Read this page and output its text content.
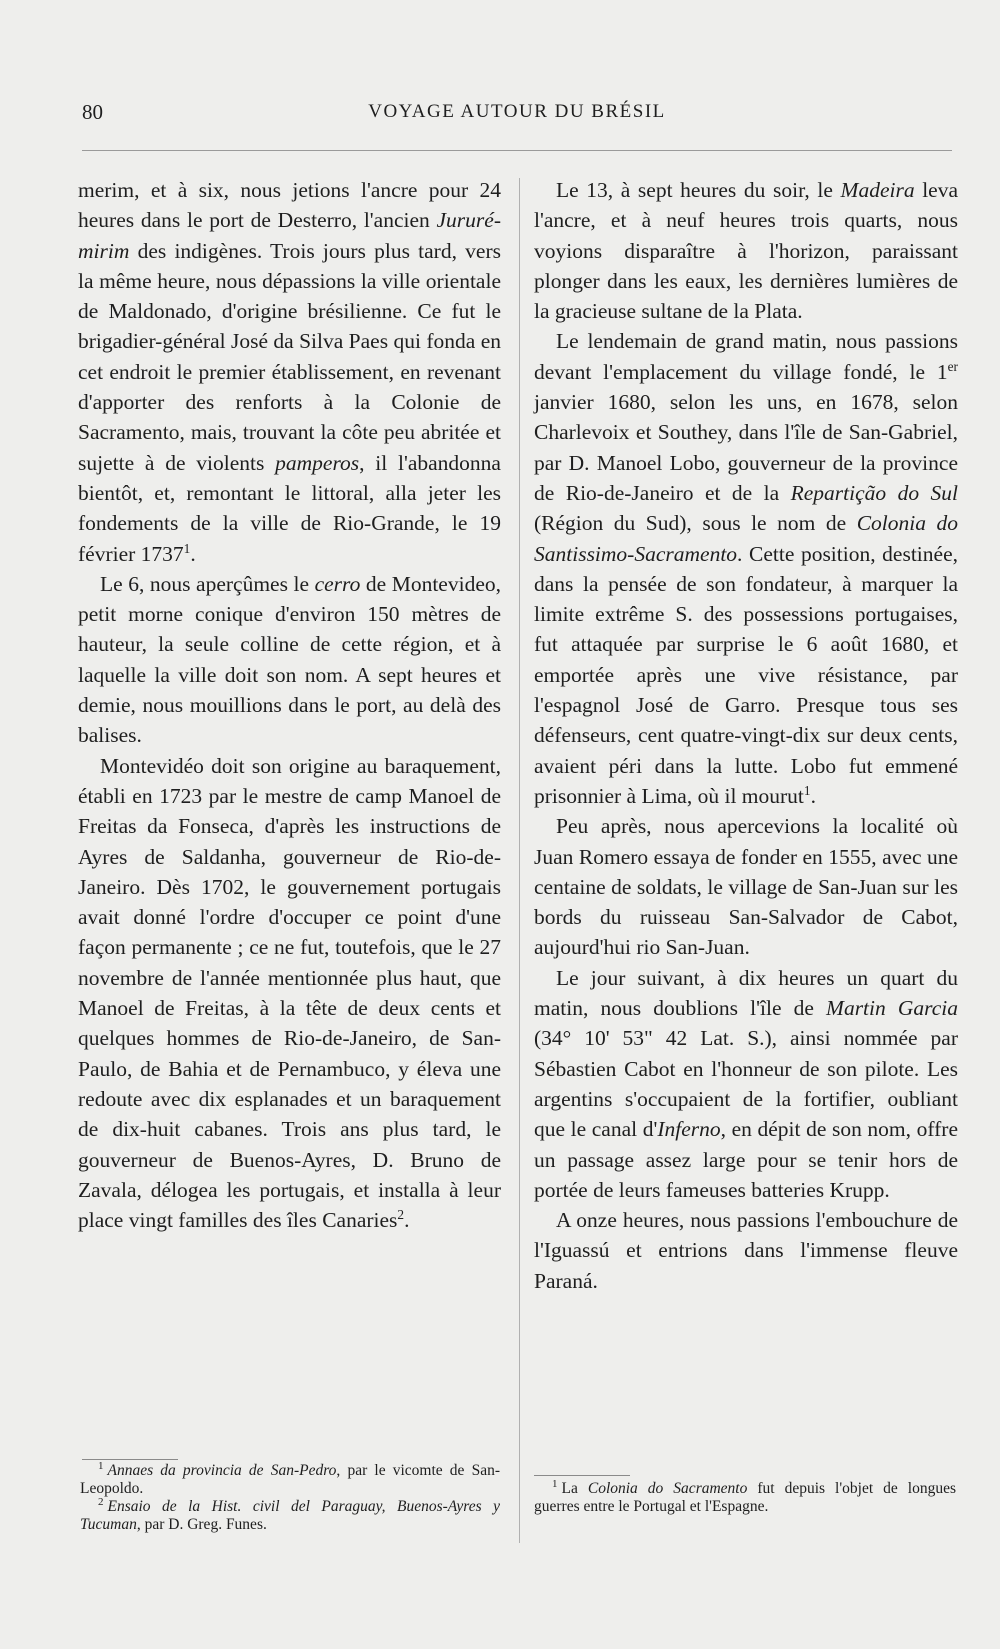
80	VOYAGE AUTOUR DU BRÉSIL

merim, et à six, nous jetions l'ancre pour 24 heures dans le port de Desterro, l'ancien Jururé-mirim des indigènes. Trois jours plus tard, vers la même heure, nous dépassions la ville orientale de Maldonado, d'origine brésilienne. Ce fut le brigadier-général José da Silva Paes qui fonda en cet endroit le premier établissement, en revenant d'apporter des renforts à la Colonie de Sacramento, mais, trouvant la côte peu abritée et sujette à de violents pamperos, il l'abandonna bientôt, et, remontant le littoral, alla jeter les fondements de la ville de Rio-Grande, le 19 février 1737$^1$.

Le 6, nous aperçûmes le cerro de Montevideo, petit morne conique d'environ 150 mètres de hauteur, la seule colline de cette région, et à laquelle la ville doit son nom. A sept heures et demie, nous mouillions dans le port, au delà des balises.

Montevidéo doit son origine au baraquement, établi en 1723 par le mestre de camp Manoel de Freitas da Fonseca, d'après les instructions de Ayres de Saldanha, gouverneur de Rio-de-Janeiro. Dès 1702, le gouvernement portugais avait donné l'ordre d'occuper ce point d'une façon permanente ; ce ne fut, toutefois, que le 27 novembre de l'année mentionnée plus haut, que Manoel de Freitas, à la tête de deux cents et quelques hommes de Rio-de-Janeiro, de San-Paulo, de Bahia et de Pernambuco, y éleva une redoute avec dix esplanades et un baraquement de dix-huit cabanes. Trois ans plus tard, le gouverneur de Buenos-Ayres, D. Bruno de Zavala, délogea les portugais, et installa à leur place vingt familles des îles Canaries$^2$.

$^1$ Annaes da provincia de San-Pedro, par le vicomte de San-Leopoldo.

$^2$ Ensaio de la Hist. civil del Paraguay, Buenos-Ayres y Tucuman, par D. Greg. Funes.

Le 13, à sept heures du soir, le Madeira leva l'ancre, et à neuf heures trois quarts, nous voyions disparaître à l'horizon, paraissant plonger dans les eaux, les dernières lumières de la gracieuse sultane de la Plata.

Le lendemain de grand matin, nous passions devant l'emplacement du village fondé, le 1er janvier 1680, selon les uns, en 1678, selon Charlevoix et Southey, dans l'île de San-Gabriel, par D. Manoel Lobo, gouverneur de la province de Rio-de-Janeiro et de la Repartição do Sul (Région du Sud), sous le nom de Colonia do Santissimo-Sacramento. Cette position, destinée, dans la pensée de son fondateur, à marquer la limite extrême S. des possessions portugaises, fut attaquée par surprise le 6 août 1680, et emportée après une vive résistance, par l'espagnol José de Garro. Presque tous ses défenseurs, cent quatre-vingt-dix sur deux cents, avaient péri dans la lutte. Lobo fut emmené prisonnier à Lima, où il mourut$^1$.

Peu après, nous apercevions la localité où Juan Romero essaya de fonder en 1555, avec une centaine de soldats, le village de San-Juan sur les bords du ruisseau San-Salvador de Cabot, aujourd'hui rio San-Juan.

Le jour suivant, à dix heures un quart du matin, nous doublions l'île de Martin Garcia (34° 10' 53" 42 Lat. S.), ainsi nommée par Sébastien Cabot en l'honneur de son pilote. Les argentins s'occupaient de la fortifier, oubliant que le canal d'Inferno, en dépit de son nom, offre un passage assez large pour se tenir hors de portée de leurs fameuses batteries Krupp.

A onze heures, nous passions l'embouchure de l'Iguassú et entrions dans l'immense fleuve Paraná.

$^1$ La Colonia do Sacramento fut depuis l'objet de longues guerres entre le Portugal et l'Espagne.
